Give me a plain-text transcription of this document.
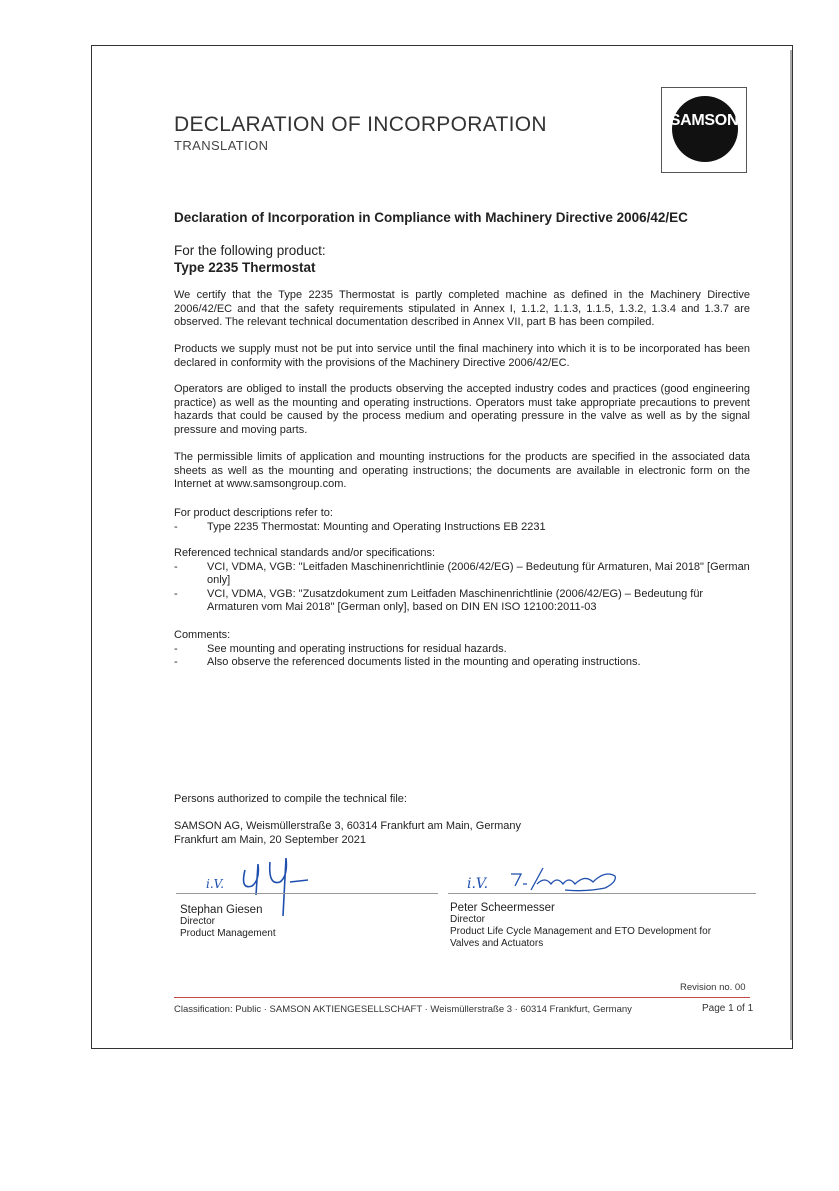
DECLARATION OF INCORPORATION
TRANSLATION
SAMSON
Declaration of Incorporation in Compliance with Machinery Directive 2006/42/EC
For the following product:
Type 2235 Thermostat
We certify that the Type 2235 Thermostat is partly completed machine as defined in the Machinery Directive 2006/42/EC and that the safety requirements stipulated in Annex I, 1.1.2, 1.1.3, 1.1.5, 1.3.2, 1.3.4 and 1.3.7 are observed. The relevant technical documentation described in Annex VII, part B has been compiled.
Products we supply must not be put into service until the final machinery into which it is to be incorporated has been declared in conformity with the provisions of the Machinery Directive 2006/42/EC.
Operators are obliged to install the products observing the accepted industry codes and practices (good engineering practice) as well as the mounting and operating instructions. Operators must take appropriate precautions to prevent hazards that could be caused by the process medium and operating pressure in the valve as well as by the signal pressure and moving parts.
The permissible limits of application and mounting instructions for the products are specified in the associated data sheets as well as the mounting and operating instructions; the documents are available in electronic form on the Internet at www.samsongroup.com.

For product descriptions refer to:

-	Type 2235 Thermostat: Mounting and Operating Instructions EB 2231

Referenced technical standards and/or specifications:

-	VCI, VDMA, VGB: "Leitfaden Maschinenrichtlinie (2006/42/EG) – Bedeutung für Armaturen, Mai 2018" [German only]
-	VCI, VDMA, VGB: "Zusatzdokument zum Leitfaden Maschinenrichtlinie (2006/42/EG) – Bedeutung für Armaturen vom Mai 2018" [German only], based on DIN EN ISO 12100:2011-03

Comments:

-	See mounting and operating instructions for residual hazards.
-	Also observe the referenced documents listed in the mounting and operating instructions.
Persons authorized to compile the technical file:
SAMSON AG, Weismüllerstraße 3, 60314 Frankfurt am Main, Germany
Frankfurt am Main, 20 September 2021
i.V.	i.V.
Stephan Giesen
Director
Product Management
Peter Scheermesser
Director
Product Life Cycle Management and ETO Development for Valves and Actuators
Revision no. 00
Classification: Public · SAMSON AKTIENGESELLSCHAFT · Weismüllerstraße 3 · 60314 Frankfurt, Germany	Page 1 of 1
